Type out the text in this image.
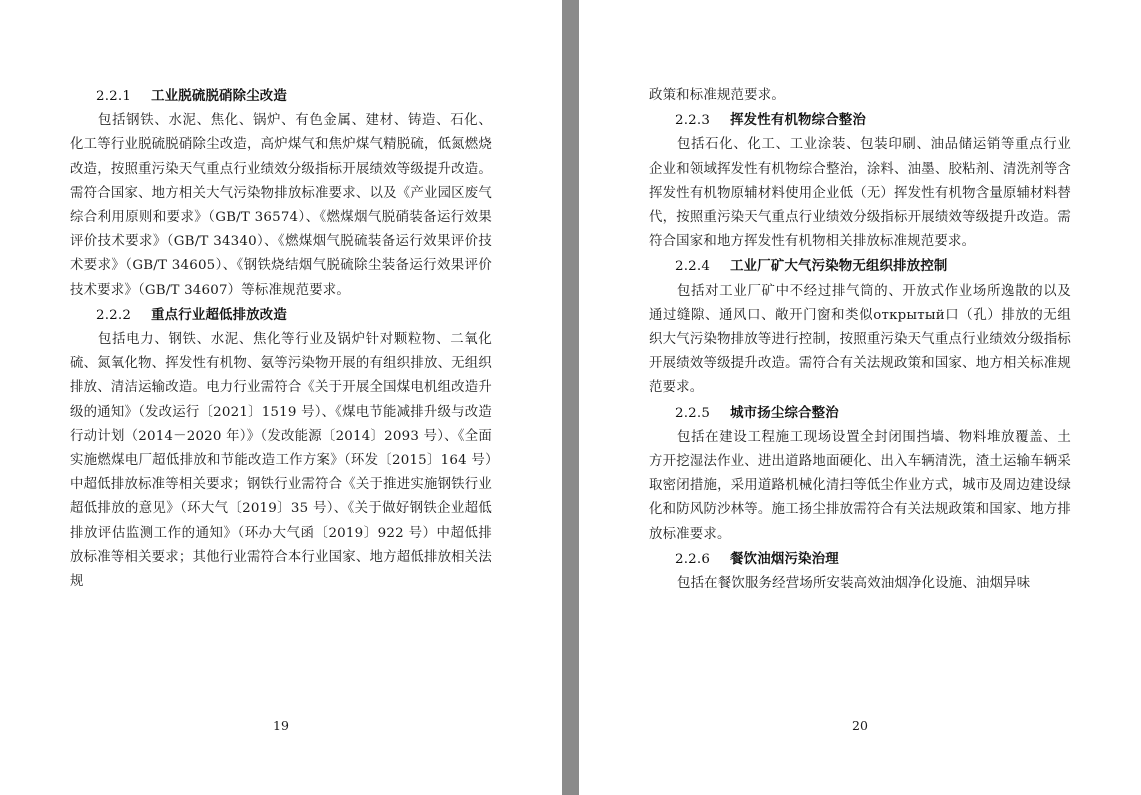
2.2.1 工业脱硫脱硝除尘改造

包括钢铁、水泥、焦化、锅炉、有色金属、建材、铸造、石化、化工等行业脱硫脱硝除尘改造，高炉煤气和焦炉煤气精脱硫，低氮燃烧改造，按照重污染天气重点行业绩效分级指标开展绩效等级提升改造。需符合国家、地方相关大气污染物排放标准要求、以及《产业园区废气综合利用原则和要求》（GB/T 36574）、《燃煤烟气脱硝装备运行效果评价技术要求》（GB/T 34340）、《燃煤烟气脱硫装备运行效果评价技术要求》（GB/T 34605）、《钢铁烧结烟气脱硫除尘装备运行效果评价技术要求》（GB/T 34607）等标准规范要求。

2.2.2 重点行业超低排放改造

包括电力、钢铁、水泥、焦化等行业及锅炉针对颗粒物、二氧化硫、氮氧化物、挥发性有机物、氨等污染物开展的有组织排放、无组织排放、清洁运输改造。电力行业需符合《关于开展全国煤电机组改造升级的通知》（发改运行〔2021〕1519 号）、《煤电节能减排升级与改造行动计划（2014－2020 年）》（发改能源〔2014〕2093 号）、《全面实施燃煤电厂超低排放和节能改造工作方案》（环发〔2015〕164 号）中超低排放标准等相关要求；钢铁行业需符合《关于推进实施钢铁行业超低排放的意见》（环大气〔2019〕35 号）、《关于做好钢铁企业超低排放评估监测工作的通知》（环办大气函〔2019〕922 号）中超低排放标准等相关要求；其他行业需符合本行业国家、地方超低排放相关法规

19

政策和标准规范要求。

2.2.3 挥发性有机物综合整治

包括石化、化工、工业涂装、包装印刷、油品储运销等重点行业企业和领域挥发性有机物综合整治，涂料、油墨、胶粘剂、清洗剂等含挥发性有机物原辅材料使用企业低（无）挥发性有机物含量原辅材料替代，按照重污染天气重点行业绩效分级指标开展绩效等级提升改造。需符合国家和地方挥发性有机物相关排放标准规范要求。

2.2.4 工业厂矿大气污染物无组织排放控制

包括对工业厂矿中不经过排气筒的、开放式作业场所逸散的以及通过缝隙、通风口、敞开门窗和类似открытый口（孔）排放的无组织大气污染物排放等进行控制，按照重污染天气重点行业绩效分级指标开展绩效等级提升改造。需符合有关法规政策和国家、地方相关标准规范要求。

2.2.5 城市扬尘综合整治

包括在建设工程施工现场设置全封闭围挡墙、物料堆放覆盖、土方开挖湿法作业、进出道路地面硬化、出入车辆清洗，渣土运输车辆采取密闭措施，采用道路机械化清扫等低尘作业方式，城市及周边建设绿化和防风防沙林等。施工扬尘排放需符合有关法规政策和国家、地方排放标准要求。

2.2.6 餐饮油烟污染治理

包括在餐饮服务经营场所安装高效油烟净化设施、油烟异味

20
